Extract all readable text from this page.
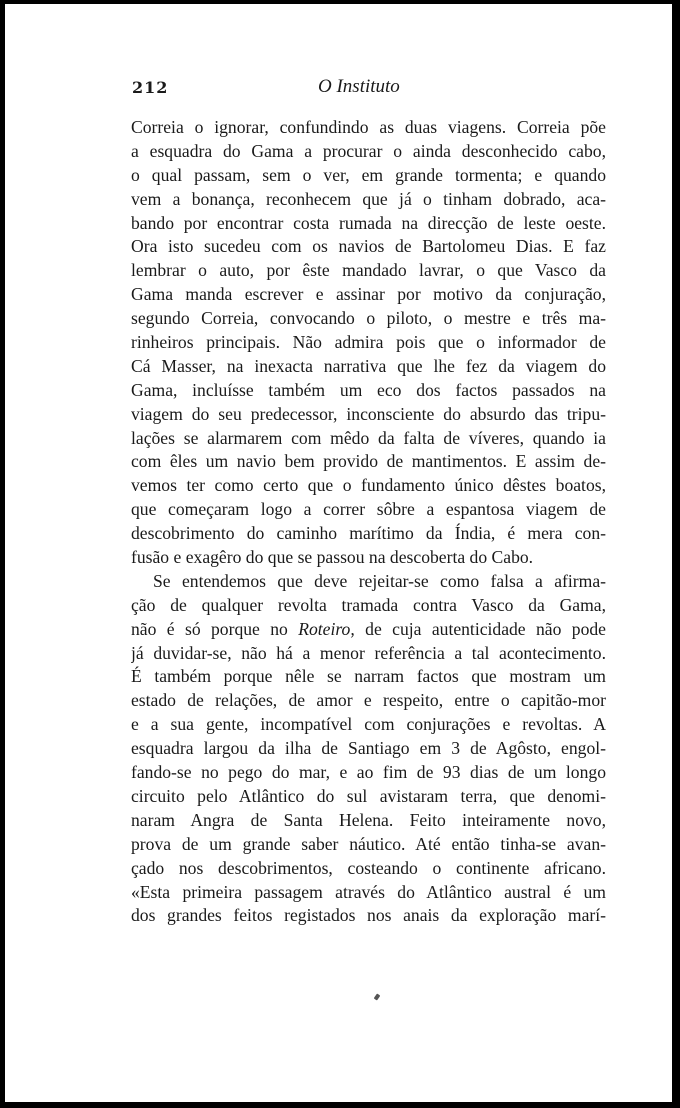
212	O Instituto
Correia o ignorar, confundindo as duas viagens. Correia põe
a esquadra do Gama a procurar o ainda desconhecido cabo,
o qual passam, sem o ver, em grande tormenta; e quando
vem a bonança, reconhecem que já o tinham dobrado, aca-
bando por encontrar costa rumada na direcção de leste oeste.
Ora isto sucedeu com os navios de Bartolomeu Dias. E faz
lembrar o auto, por êste mandado lavrar, o que Vasco da
Gama manda escrever e assinar por motivo da conjuração,
segundo Correia, convocando o piloto, o mestre e três ma-
rinheiros principais. Não admira pois que o informador de
Cá Masser, na inexacta narrativa que lhe fez da viagem do
Gama, incluísse também um eco dos factos passados na
viagem do seu predecessor, inconsciente do absurdo das tripu-
lações se alarmarem com mêdo da falta de víveres, quando ia
com êles um navio bem provido de mantimentos. E assim de-
vemos ter como certo que o fundamento único dêstes boatos,
que começaram logo a correr sôbre a espantosa viagem de
descobrimento do caminho marítimo da Índia, é mera con-
fusão e exagêro do que se passou na descoberta do Cabo.
Se entendemos que deve rejeitar-se como falsa a afirma-
ção de qualquer revolta tramada contra Vasco da Gama,
não é só porque no Roteiro, de cuja autenticidade não pode
já duvidar-se, não há a menor referência a tal acontecimento.
É também porque nêle se narram factos que mostram um
estado de relações, de amor e respeito, entre o capitão-mor
e a sua gente, incompatível com conjurações e revoltas. A
esquadra largou da ilha de Santiago em 3 de Agôsto, engol-
fando-se no pego do mar, e ao fim de 93 dias de um longo
circuito pelo Atlântico do sul avistaram terra, que denomi-
naram Angra de Santa Helena. Feito inteiramente novo,
prova de um grande saber náutico. Até então tinha-se avan-
çado nos descobrimentos, costeando o continente africano.
«Esta primeira passagem através do Atlântico austral é um
dos grandes feitos registados nos anais da exploração marí-
